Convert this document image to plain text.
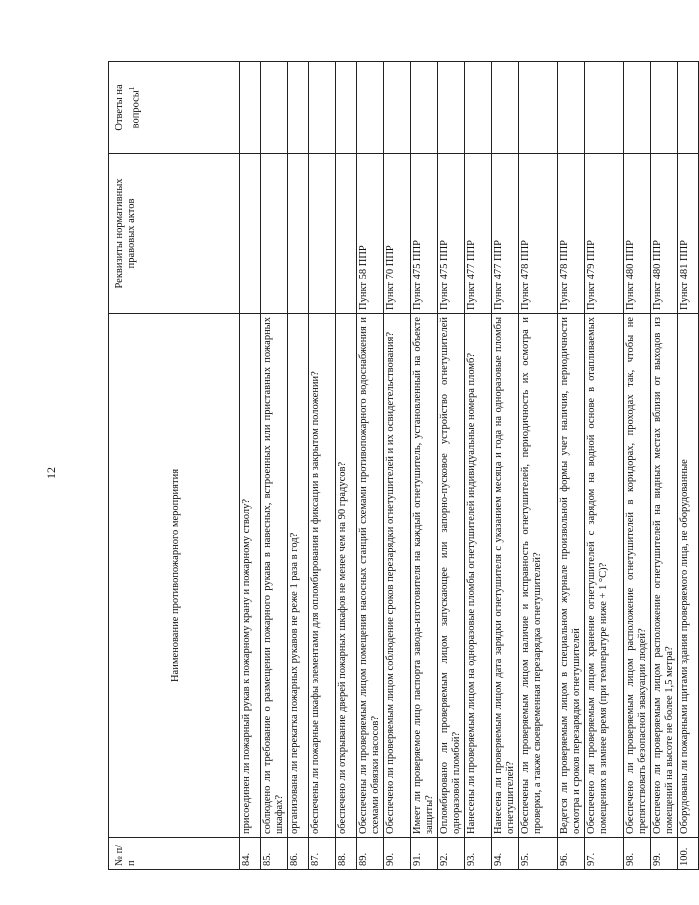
12
№ п/п	Наименование противопожарного мероприятия	Реквизиты нормативных правовых актов	Ответы на вопросы$^1$
84.	присоединен ли пожарный рукав к пожарному крану и пожарному стволу?		
85.	соблюдено ли требование о размещении пожарного рукава в навесных, встроенных или приставных пожарных шкафах?		
86.	организована ли перекатка пожарных рукавов не реже 1 раза в год?		
87.	обеспечены ли пожарные шкафы элементами для опломбирования и фиксации в закрытом положении?		
88.	обеспечено ли открывание дверей пожарных шкафов не менее чем на 90 градусов?		
89.	Обеспечены ли проверяемым лицом помещения насосных станций схемами противопожарного водоснабжения и схемами обвязки насосов?	Пункт 58 ППР	
90.	Обеспечено ли проверяемым лицом соблюдение сроков перезарядки огнетушителей и их освидетельствования?	Пункт 70 ППР	
91.	Имеет ли проверяемое лицо паспорта завода-изготовителя на каждый огнетушитель, установленный на объекте защиты?	Пункт 475 ППР	
92.	Опломбировано ли проверяемым лицом запускающее или запорно-пусковое устройство огнетушителей одноразовой пломбой?	Пункт 475 ППР	
93.	Нанесены ли проверяемым лицом на одноразовые пломбы огнетушителей индивидуальные номера пломб?	Пункт 477 ППР	
94.	Нанесена ли проверяемым лицом дата зарядки огнетушителя с указанием месяца и года на одноразовые пломбы огнетушителей?	Пункт 477 ППР	
95.	Обеспечены ли проверяемым лицом наличие и исправность огнетушителей, периодичность их осмотра и проверки, а также своевременная перезарядка огнетушителей?	Пункт 478 ППР	
96.	Ведется ли проверяемым лицом в специальном журнале произвольной формы учет наличия, периодичности осмотра и сроков перезарядки огнетушителей	Пункт 478 ППР	
97.	Обеспечено ли проверяемым лицом хранение огнетушителей с зарядом на водной основе в отапливаемых помещениях в зимнее время (при температуре ниже + 1 °С)?	Пункт 479 ППР	
98.	Обеспечено ли проверяемым лицом расположение огнетушителей в коридорах, проходах так, чтобы не препятствовать безопасной эвакуации людей?	Пункт 480 ППР	
99.	Обеспечено ли проверяемым лицом расположение огнетушителей на видных местах вблизи от выходов из помещений на высоте не более 1,5 метра?	Пункт 480 ППР	
100.	Оборудованы ли пожарными щитами здания проверяемого лица, не оборудованные	Пункт 481 ППР	
